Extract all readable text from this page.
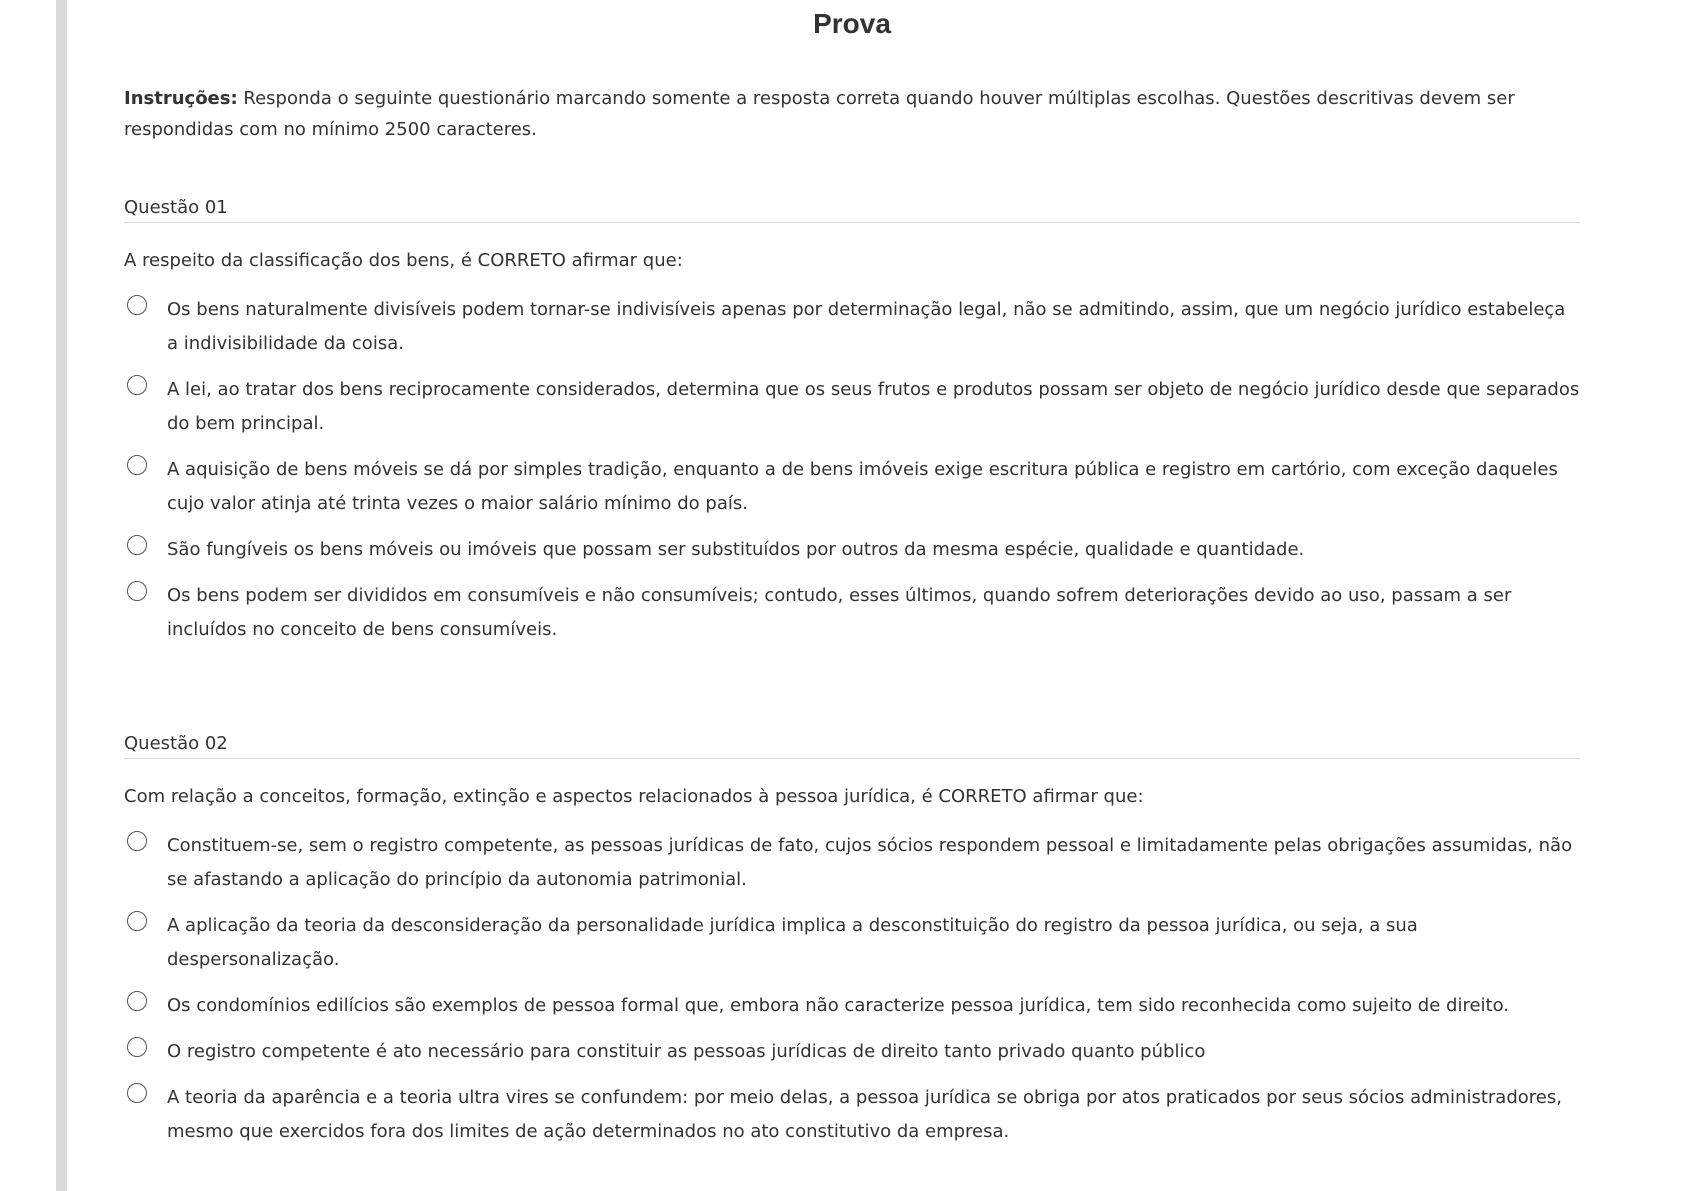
Prova

Instruções: Responda o seguinte questionário marcando somente a resposta correta quando houver múltiplas escolhas. Questões descritivas devem ser respondidas com no mínimo 2500 caracteres.

Questão 01
A respeito da classificação dos bens, é CORRETO afirmar que:
Os bens naturalmente divisíveis podem tornar-se indivisíveis apenas por determinação legal, não se admitindo, assim, que um negócio jurídico estabeleça a indivisibilidade da coisa.
A lei, ao tratar dos bens reciprocamente considerados, determina que os seus frutos e produtos possam ser objeto de negócio jurídico desde que separados do bem principal.
A aquisição de bens móveis se dá por simples tradição, enquanto a de bens imóveis exige escritura pública e registro em cartório, com exceção daqueles cujo valor atinja até trinta vezes o maior salário mínimo do país.
São fungíveis os bens móveis ou imóveis que possam ser substituídos por outros da mesma espécie, qualidade e quantidade.
Os bens podem ser divididos em consumíveis e não consumíveis; contudo, esses últimos, quando sofrem deteriorações devido ao uso, passam a ser incluídos no conceito de bens consumíveis.
Questão 02
Com relação a conceitos, formação, extinção e aspectos relacionados à pessoa jurídica, é CORRETO afirmar que:
Constituem-se, sem o registro competente, as pessoas jurídicas de fato, cujos sócios respondem pessoal e limitadamente pelas obrigações assumidas, não se afastando a aplicação do princípio da autonomia patrimonial.
A aplicação da teoria da desconsideração da personalidade jurídica implica a desconstituição do registro da pessoa jurídica, ou seja, a sua despersonalização.
Os condomínios edilícios são exemplos de pessoa formal que, embora não caracterize pessoa jurídica, tem sido reconhecida como sujeito de direito.
O registro competente é ato necessário para constituir as pessoas jurídicas de direito tanto privado quanto público
A teoria da aparência e a teoria ultra vires se confundem: por meio delas, a pessoa jurídica se obriga por atos praticados por seus sócios administradores, mesmo que exercidos fora dos limites de ação determinados no ato constitutivo da empresa.
